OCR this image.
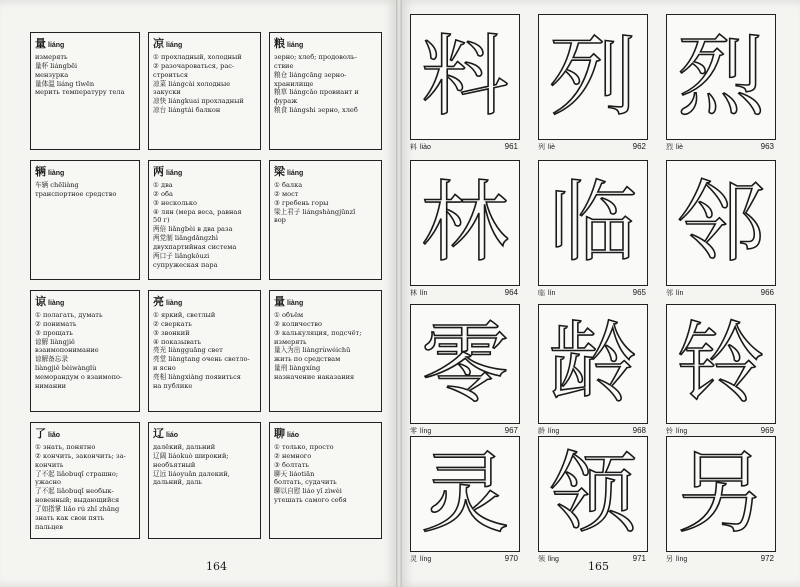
量liáng
измерять
量杯 liángbēi
мензурка
量体温 liáng tǐwēn
мерить температуру тела
凉liáng
① прохладный, холодный
② разочароваться, рас-
строиться
凉菜 liángcài холодные
закуски
凉快 liángkuai прохладный
凉台 liángtái балкон
粮liáng
зерно; хлеб; продоволь-
ствие
粮仓 liángcāng зерно-
хранилище
粮草 liángcǎo провиант и
фураж
粮食 liángshi зерно, хлеб
辆liàng
车辆 chēliàng
транспортное средство
两liǎng
① два
② оба
③ несколько
④ лян (мера веса, равная
50 г)
两倍 liǎngbèi в два раза
两党制 liǎngdǎngzhì
двухпартийная система
两口子 liǎngkǒuzi
супружеская пара
梁liáng
① балка
② мост
③ гребень горы
梁上君子 liángshàngjūnzǐ
вор
谅liàng
① полагать, думать
② понимать
③ прощать
谅解 liàngjiě
взаимопонимание
谅解备忘录
liàngjiě bèiwànglù
меморандум о взаимопо-
нимании
亮liàng
① яркий, светлый
② сверкать
③ звонкий
④ показывать
亮光 liàngguāng свет
亮堂 liàngtang очень светло-
и ясно
亮相 liàngxiàng появиться
на публике
量liàng
① объём
② количество
③ калькуляция, подсчёт;
измерять
量入为出 liàngrùwéichū
жить по средствам
量刑 liàngxíng
назначение наказания
了liǎo
① знать, понятно
② кончить, закончить; за-
кончить
了不起 liǎobuqǐ страшно;
ужасно
了不起 liǎobuqǐ необык-
новенный; выдающийся
了如指掌 liǎo rú zhǐ zhǎng
знать как свои пять
пальцев
辽liáo
далёкий, дальний
辽阔 liáokuò широкий;
необъятный
辽远 liáoyuǎn далекий,
дальний, даль
聊liáo
① только, просто
② немного
③ болтать
聊天 liáotiān
болтать, судачить
聊以自慰 liáo yǐ zìwèi
утешать самого себя
164
料
料 liào	961
列
列 liè	962
烈
烈 liè	963
林
林 lín	964
临
临 lín	965
邻
邻 lín	966
零
零 líng	967
龄
龄 líng	968
铃
铃 líng	969
灵
灵 líng	970
领
领 lǐng	971
另
另 lìng	972
165
